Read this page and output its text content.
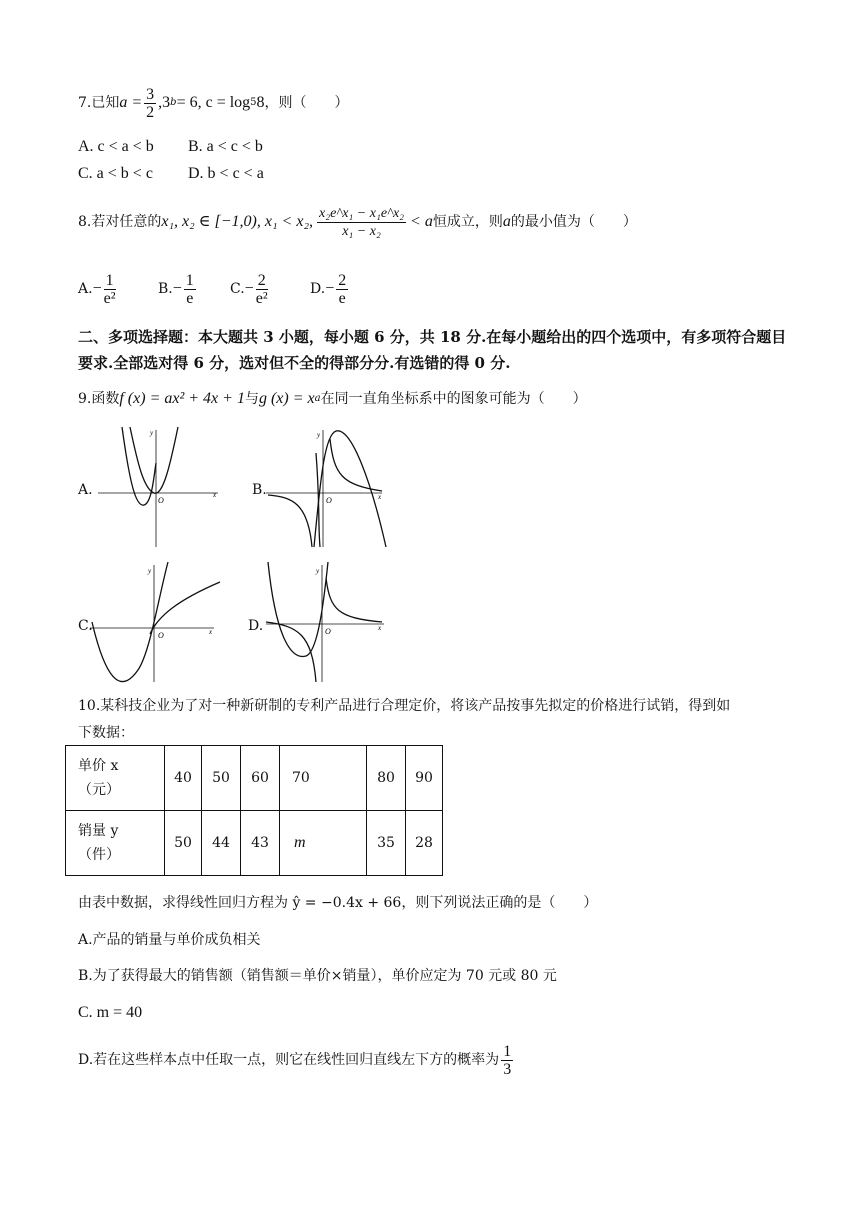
7.已知 $a = \frac{3}{2} ,3$ b = 6, c = log 5 8 ，则（　　）
A. c < a < b B. a < c < b
C. a < b < c D. b < c < a
8.若对任意的 x₁, x₂ ∈ [−1,0), x₁ < x₂, $\frac{\text{x₂e\textasciicircum{}x₁ − x₁e\textasciicircum{}x₂}}{\text{x₁ − x₂}} < a$ 恒成立，则 a 的最小值为（　　）
A. − $\frac{1}{\text{e²}}$	B. − $\frac{1}{e} C$. − $\frac{2}{\text{e²}}$	D. − $\frac{2}{e}$
二、多项选择题：本大题共 3 小题，每小题 6 分，共 18 分.在每小题给出的四个选项中，有多项符合题目要求.全部选对得 6 分，选对但不全的得部分分.有选错的得 0 分.
9.函数 f (x) = ax² + 4x + 1 与 g (x) = x a 在同一直角坐标系中的图象可能为（　　）
A.	x
y
O
B.	x
y
O
C.	x
y
O
D.	x
y
O
10.某科技企业为了对一种新研制的专利产品进行合理定价，将该产品按事先拟定的价格进行试销，得到如
下数据：
单价 x
（元）	40	50	60	70	80	90

销量 y
（件）	50	44	43	m	35	28
由表中数据，求得线性回归方程为 ŷ = −0.4x + 66，则下列说法正确的是（　　）
A.产品的销量与单价成负相关
B.为了获得最大的销售额（销售额＝单价×销量），单价应定为 70 元或 80 元
C. m = 40
D.若在这些样本点中任取一点，则它在线性回归直线左下方的概率为 $\frac{1}{3}$
